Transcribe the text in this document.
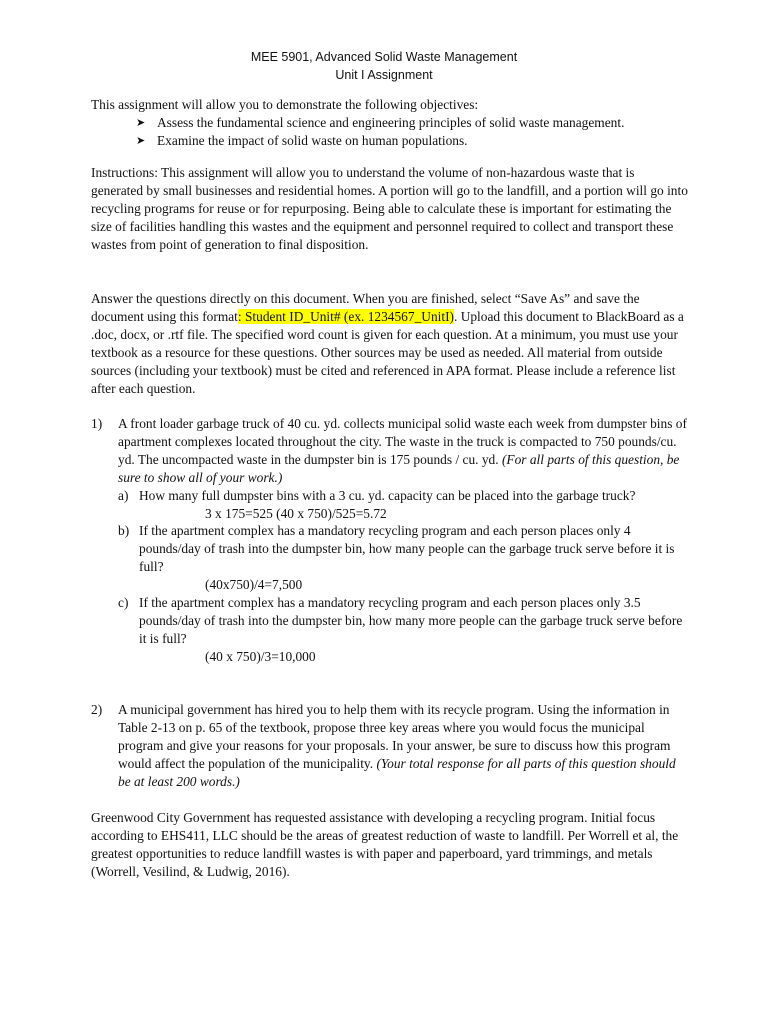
MEE 5901, Advanced Solid Waste Management
Unit I Assignment

This assignment will allow you to demonstrate the following objectives:

➤ Assess the fundamental science and engineering principles of solid waste management.
➤ Examine the impact of solid waste on human populations.

Instructions: This assignment will allow you to understand the volume of non-hazardous waste that is generated by small businesses and residential homes. A portion will go to the landfill, and a portion will go into recycling programs for reuse or for repurposing. Being able to calculate these is important for estimating the size of facilities handling this wastes and the equipment and personnel required to collect and transport these wastes from point of generation to final disposition.

Answer the questions directly on this document. When you are finished, select “Save As” and save the document using this format: Student ID_Unit# (ex. 1234567_UnitI). Upload this document to BlackBoard as a .doc, docx, or .rtf file. The specified word count is given for each question. At a minimum, you must use your textbook as a resource for these questions. Other sources may be used as needed. All material from outside sources (including your textbook) must be cited and referenced in APA format. Please include a reference list after each question.

1) A front loader garbage truck of 40 cu. yd. collects municipal solid waste each week from dumpster bins of apartment complexes located throughout the city. The waste in the truck is compacted to 750 pounds/cu. yd. The uncompacted waste in the dumpster bin is 175 pounds / cu. yd. (For all parts of this question, be sure to show all of your work.)
a) How many full dumpster bins with a 3 cu. yd. capacity can be placed into the garbage truck?
3 x 175=525 (40 x 750)/525=5.72
b) If the apartment complex has a mandatory recycling program and each person places only 4 pounds/day of trash into the dumpster bin, how many people can the garbage truck serve before it is full?
(40x750)/4=7,500
c) If the apartment complex has a mandatory recycling program and each person places only 3.5 pounds/day of trash into the dumpster bin, how many more people can the garbage truck serve before it is full?
(40 x 750)/3=10,000
2) A municipal government has hired you to help them with its recycle program. Using the information in Table 2-13 on p. 65 of the textbook, propose three key areas where you would focus the municipal program and give your reasons for your proposals. In your answer, be sure to discuss how this program would affect the population of the municipality. (Your total response for all parts of this question should be at least 200 words.)

Greenwood City Government has requested assistance with developing a recycling program. Initial focus according to EHS411, LLC should be the areas of greatest reduction of waste to landfill. Per Worrell et al, the greatest opportunities to reduce landfill wastes is with paper and paperboard, yard trimmings, and metals (Worrell, Vesilind, & Ludwig, 2016).
